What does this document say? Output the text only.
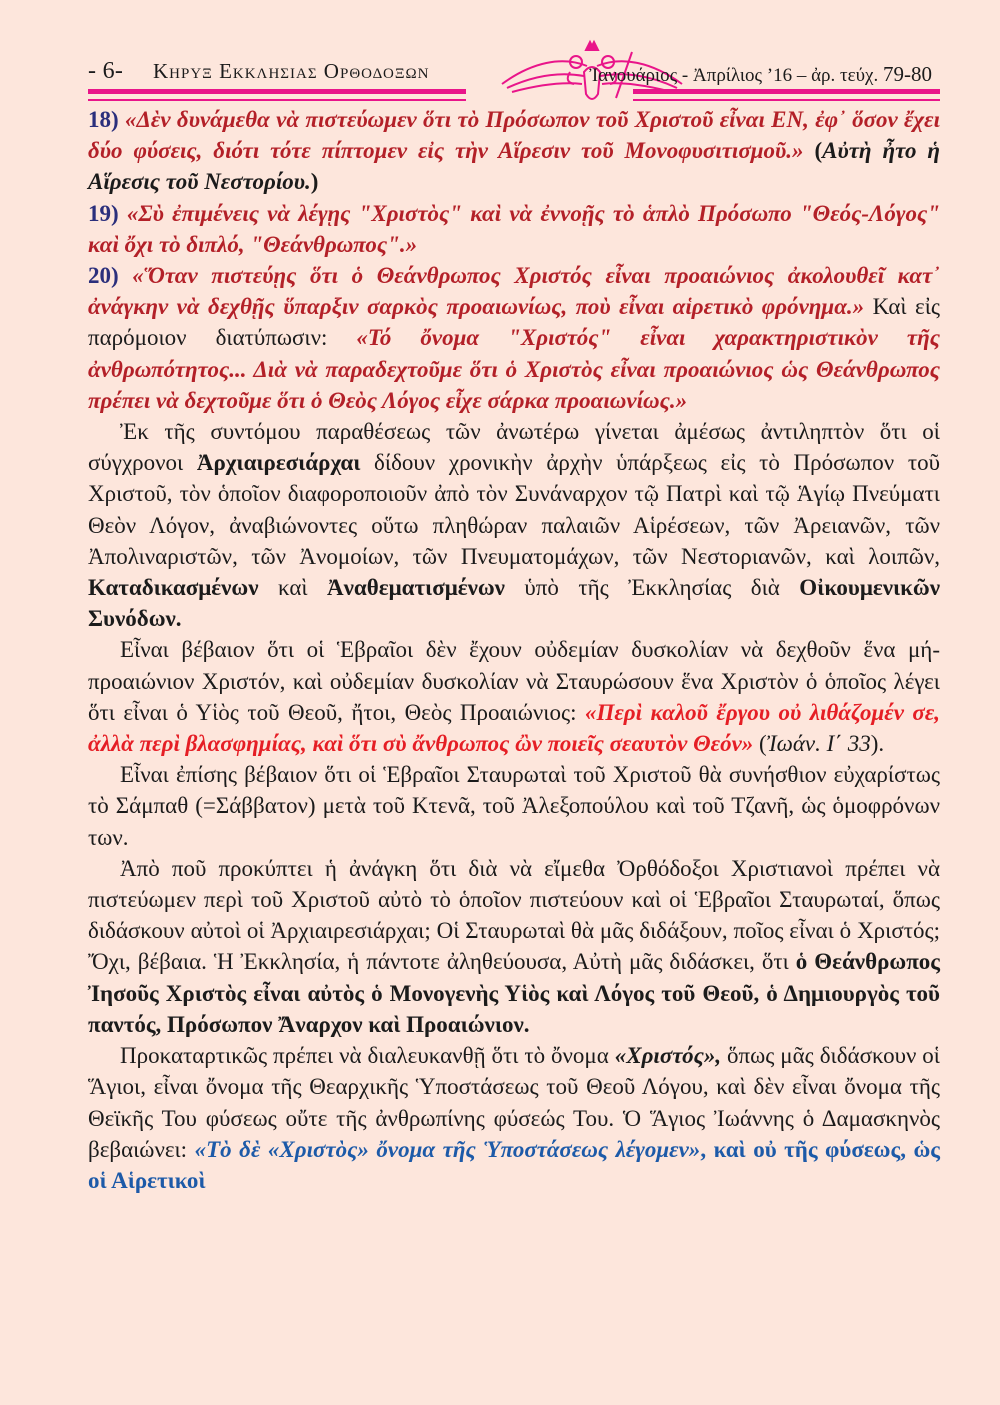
- 6- Κηρυξ Εκκλησιας Ορθοδοξων	Ἰανουάριος - Ἀπρίλιος ’16 – ἀρ. τεύχ. 79-80

18) «Δὲν δυνάμεθα νὰ πιστεύωμεν ὅτι τὸ Πρόσωπον τοῦ Χριστοῦ εἶναι ΕΝ, ἐφ᾽ ὅσον ἔχει δύο φύσεις, διότι τότε πίπτομεν εἰς τὴν Αἵρεσιν τοῦ Μονοφυσιτισμοῦ.» (Αὐτὴ ἦτο ἡ Αἵρεσις τοῦ Νεστορίου.)

19) «Σὺ ἐπιμένεις νὰ λέγῃς "Χριστὸς" καὶ νὰ ἐννοῇς τὸ ἁπλὸ Πρόσωπο "Θεός-Λόγος" καὶ ὄχι τὸ διπλό, "Θεάνθρωπος".»

20) «Ὅταν πιστεύῃς ὅτι ὁ Θεάνθρωπος Χριστός εἶναι προαιώνιος ἀκολουθεῖ κατ᾽ ἀνάγκην νὰ δεχθῇς ὕπαρξιν σαρκὸς προαιωνίως, ποὺ εἶναι αἱρετικὸ φρόνημα.» Καὶ εἰς παρόμοιον διατύπωσιν: «Τό ὄνομα "Χριστός" εἶναι χαρακτηριστικὸν τῆς ἀνθρωπότητος... Διὰ νὰ παραδεχτοῦμε ὅτι ὁ Χριστὸς εἶναι προαιώνιος ὡς Θεάνθρωπος πρέπει νὰ δεχτοῦμε ὅτι ὁ Θεὸς Λόγος εἶχε σάρκα προαιωνίως.»

Ἐκ τῆς συντόμου παραθέσεως τῶν ἀνωτέρω γίνεται ἀμέσως ἀντιληπτὸν ὅτι οἱ σύγχρονοι Ἀρχιαιρεσιάρχαι δίδουν χρονικὴν ἀρχὴν ὑπάρξεως εἰς τὸ Πρόσωπον τοῦ Χριστοῦ, τὸν ὁποῖον διαφοροποιοῦν ἀπὸ τὸν Συνάναρχον τῷ Πατρὶ καὶ τῷ Ἁγίῳ Πνεύματι Θεὸν Λόγον, ἀναβιώνοντες οὕτω πληθώραν παλαιῶν Αἱρέσεων, τῶν Ἀρειανῶν, τῶν Ἀπολιναριστῶν, τῶν Ἀνομοίων, τῶν Πνευματομάχων, τῶν Νεστοριανῶν, καὶ λοιπῶν, Καταδικασμένων καὶ Ἀναθεματισμένων ὑπὸ τῆς Ἐκκλησίας διὰ Οἰκουμενικῶν Συνόδων.

Εἶναι βέβαιον ὅτι οἱ Ἑβραῖοι δὲν ἔχουν οὐδεμίαν δυσκολίαν νὰ δεχθοῦν ἕνα μή-προαιώνιον Χριστόν, καὶ οὐδεμίαν δυσκολίαν νὰ Σταυρώσουν ἕνα Χριστὸν ὁ ὁποῖος λέγει ὅτι εἶναι ὁ Υἱὸς τοῦ Θεοῦ, ἤτοι, Θεὸς Προαιώνιος: «Περὶ καλοῦ ἔργου οὐ λιθάζομέν σε, ἀλλὰ περὶ βλασφημίας, καὶ ὅτι σὺ ἄνθρωπος ὢν ποιεῖς σεαυτὸν Θεόν» (Ἰωάν. Ι΄ 33).

Εἶναι ἐπίσης βέβαιον ὅτι οἱ Ἑβραῖοι Σταυρωταὶ τοῦ Χριστοῦ θὰ συνήσθιον εὐχαρίστως τὸ Σάμπαθ (=Σάββατον) μετὰ τοῦ Κτενᾶ, τοῦ Ἀλεξοπούλου καὶ τοῦ Τζανῆ, ὡς ὁμοφρόνων των.

Ἀπὸ ποῦ προκύπτει ἡ ἀνάγκη ὅτι διὰ νὰ εἴμεθα Ὀρθόδοξοι Χριστιανοὶ πρέπει νὰ πιστεύωμεν περὶ τοῦ Χριστοῦ αὐτὸ τὸ ὁποῖον πιστεύουν καὶ οἱ Ἑβραῖοι Σταυρωταί, ὅπως διδάσκουν αὐτοὶ οἱ Ἀρχιαιρεσιάρχαι; Οἱ Σταυρωταὶ θὰ μᾶς διδάξουν, ποῖος εἶναι ὁ Χριστός; Ὄχι, βέβαια. Ἡ Ἐκκλησία, ἡ πάντοτε ἀληθεύουσα, Αὐτὴ μᾶς διδάσκει, ὅτι ὁ Θεάνθρωπος Ἰησοῦς Χριστὸς εἶναι αὐτὸς ὁ Μονογενὴς Υἱὸς καὶ Λόγος τοῦ Θεοῦ, ὁ Δημιουργὸς τοῦ παντός, Πρόσωπον Ἄναρχον καὶ Προαιώνιον.

Προκαταρτικῶς πρέπει νὰ διαλευκανθῇ ὅτι τὸ ὄνομα «Χριστός», ὅπως μᾶς διδάσκουν οἱ Ἅγιοι, εἶναι ὄνομα τῆς Θεαρχικῆς Ὑποστάσεως τοῦ Θεοῦ Λόγου, καὶ δὲν εἶναι ὄνομα τῆς Θεϊκῆς Του φύσεως οὔτε τῆς ἀνθρωπίνης φύσεώς Του. Ὁ Ἅγιος Ἰωάννης ὁ Δαμασκηνὸς βεβαιώνει: «Τὸ δὲ «Χριστὸς» ὄνομα τῆς Ὑποστάσεως λέγομεν», καὶ οὐ τῆς φύσεως, ὡς οἱ Αἱρετικοὶ
